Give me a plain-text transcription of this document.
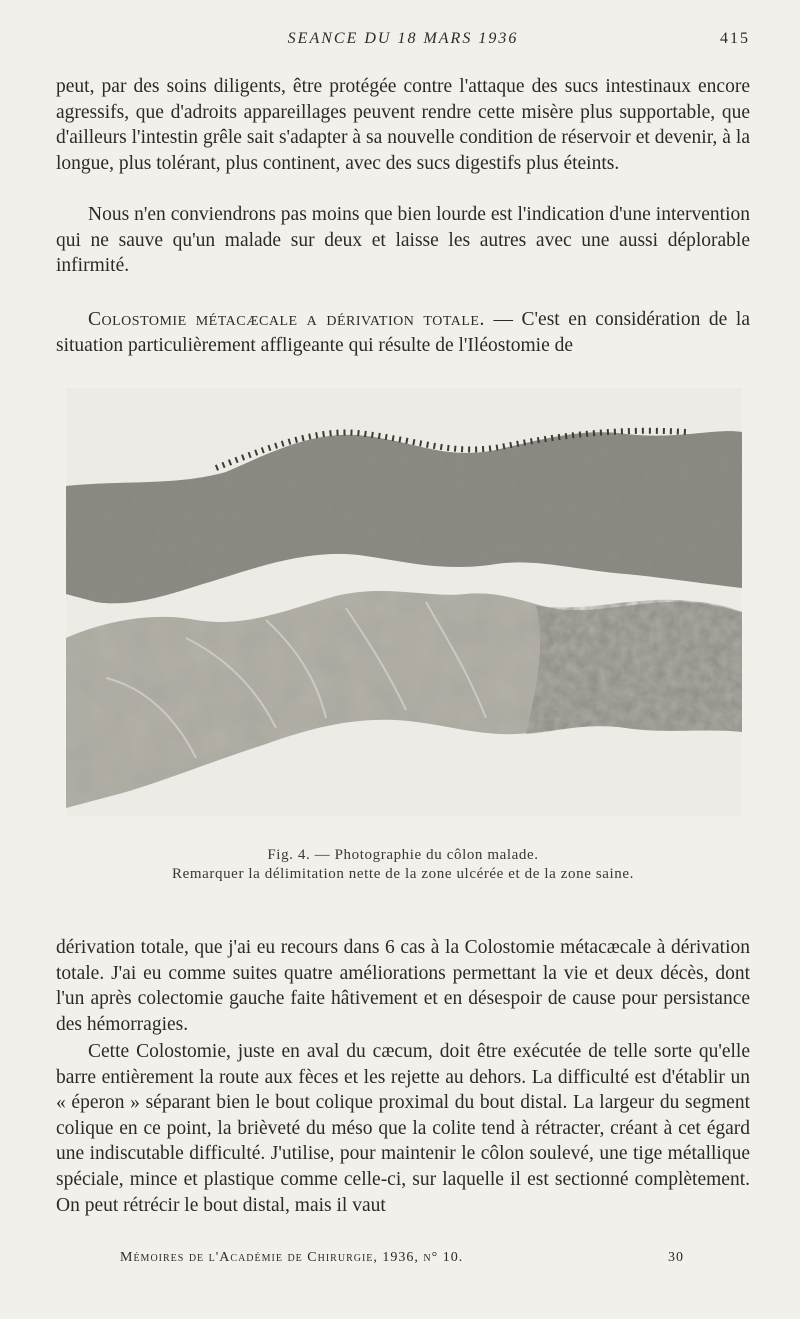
SEANCE DU 18 MARS 1936	415

peut, par des soins diligents, être protégée contre l'attaque des sucs intestinaux encore agressifs, que d'adroits appareillages peuvent rendre cette misère plus supportable, que d'ailleurs l'intestin grêle sait s'adapter à sa nouvelle condition de réservoir et devenir, à la longue, plus tolérant, plus continent, avec des sucs digestifs plus éteints.

Nous n'en conviendrons pas moins que bien lourde est l'indication d'une intervention qui ne sauve qu'un malade sur deux et laisse les autres avec une aussi déplorable infirmité.

Colostomie métacæcale a dérivation totale. — C'est en considération de la situation particulièrement affligeante qui résulte de l'Iléostomie de

Fig. 4. — Photographie du côlon malade.
Remarquer la délimitation nette de la zone ulcérée et de la zone saine.

dérivation totale, que j'ai eu recours dans 6 cas à la Colostomie métacæcale à dérivation totale. J'ai eu comme suites quatre améliorations permettant la vie et deux décès, dont l'un après colectomie gauche faite hâtivement et en désespoir de cause pour persistance des hémorragies.

Cette Colostomie, juste en aval du cæcum, doit être exécutée de telle sorte qu'elle barre entièrement la route aux fèces et les rejette au dehors. La difficulté est d'établir un « éperon » séparant bien le bout colique proximal du bout distal. La largeur du segment colique en ce point, la brièveté du méso que la colite tend à rétracter, créant à cet égard une indiscutable difficulté. J'utilise, pour maintenir le côlon soulevé, une tige métallique spéciale, mince et plastique comme celle-ci, sur laquelle il est sectionné complètement. On peut rétrécir le bout distal, mais il vaut

Mémoires de l'Académie de Chirurgie, 1936, n° 10.	30
